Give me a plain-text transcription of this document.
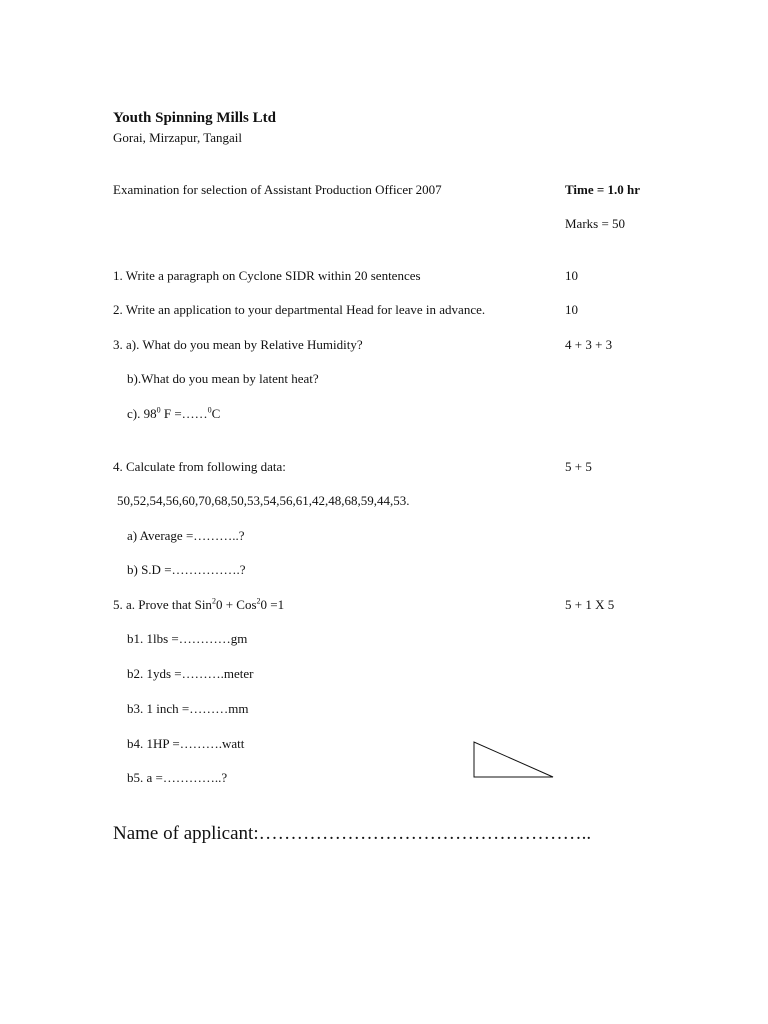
Youth Spinning Mills Ltd
Gorai, Mirzapur, Tangail
Examination for selection of Assistant Production Officer 2007	Time = 1.0 hr
Marks = 50
1. Write a paragraph on Cyclone SIDR within 20 sentences	10
2. Write an application to your departmental Head for leave in advance.	10
3. a). What do you mean by Relative Humidity?	4 + 3 + 3
b).What do you mean by latent heat?
c). $98^0$ F =……$^0$C
4. Calculate from following data:	5 + 5
50,52,54,56,60,70,68,50,53,54,56,61,42,48,68,59,44,53.
a) Average =………..?
b) S.D =…………….?
5. a. Prove that Sin$^2$0 + Cos$^2$0 =1	5 + 1 X 5
b1. 1lbs =…………gm
b2. 1yds =……….meter
b3. 1 inch =………mm
b4. 1HP =……….watt
b5. a =…………..?
Name of applicant:……………………………………………..
